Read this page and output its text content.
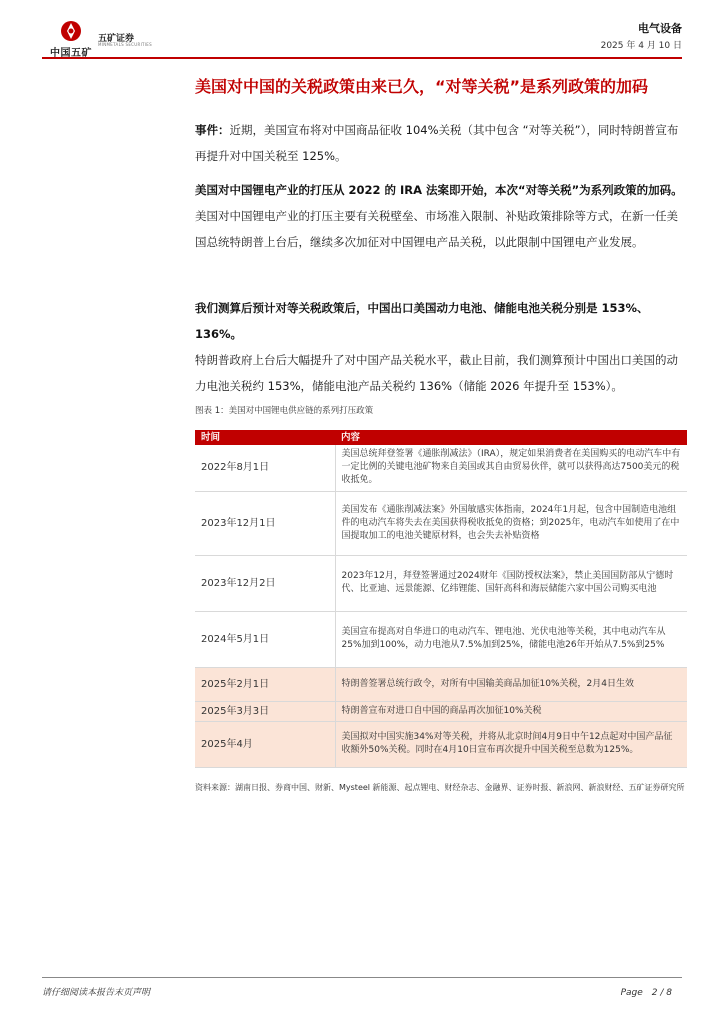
中国五矿
五矿证券
MINMETALS SECURITIES
电气设备
2025 年 4 月 10 日
美国对中国的关税政策由来已久，“对等关税”是系列政策的加码
事件：近期，美国宣布将对中国商品征收 104%关税（其中包含 “对等关税”），同时特朗普宣布再提升对中国关税至 125%。
美国对中国锂电产业的打压从 2022 的 IRA 法案即开始，本次“对等关税”为系列政策的加码。美国对中国锂电产业的打压主要有关税壁垒、市场准入限制、补贴政策排除等方式，在新一任美国总统特朗普上台后，继续多次加征对中国锂电产品关税，以此限制中国锂电产业发展。
我们测算后预计对等关税政策后，中国出口美国动力电池、储能电池关税分别是 153%、136%。
特朗普政府上台后大幅提升了对中国产品关税水平，截止目前，我们测算预计中国出口美国的动力电池关税约 153%，储能电池产品关税约 136%（储能 2026 年提升至 153%）。
图表 1：美国对中国锂电供应链的系列打压政策
时间	内容
2022年8月1日	美国总统拜登签署《通胀削减法》（IRA），规定如果消费者在美国购买的电动汽车中有一定比例的关键电池矿物来自美国或其自由贸易伙伴，就可以获得高达7500美元的税收抵免。
2023年12月1日	美国发布《通胀削减法案》外国敏感实体指南，2024年1月起，包含中国制造电池组件的电动汽车将失去在美国获得税收抵免的资格；到2025年，电动汽车如使用了在中国提取加工的电池关键原材料，也会失去补贴资格
2023年12月2日	2023年12月，拜登签署通过2024财年《国防授权法案》，禁止美国国防部从宁德时代、比亚迪、远景能源、亿纬锂能、国轩高科和海辰储能六家中国公司购买电池
2024年5月1日	美国宣布提高对自华进口的电动汽车、锂电池、光伏电池等关税，其中电动汽车从25%加到100%，动力电池从7.5%加到25%，储能电池26年开始从7.5%到25%
2025年2月1日	特朗普签署总统行政令，对所有中国输美商品加征10%关税，2月4日生效
2025年3月3日	特朗普宣布对进口自中国的商品再次加征10%关税
2025年4月	美国拟对中国实施34%对等关税，并将从北京时间4月9日中午12点起对中国产品征收额外50%关税。同时在4月10日宣布再次提升中国关税至总数为125%。
资料来源：湖南日报、券商中国、财新、Mysteel 新能源、起点锂电、财经杂志、金融界、证券时报、新浪网、新浪财经、五矿证券研究所
请仔细阅读本报告末页声明	Page　2 / 8
